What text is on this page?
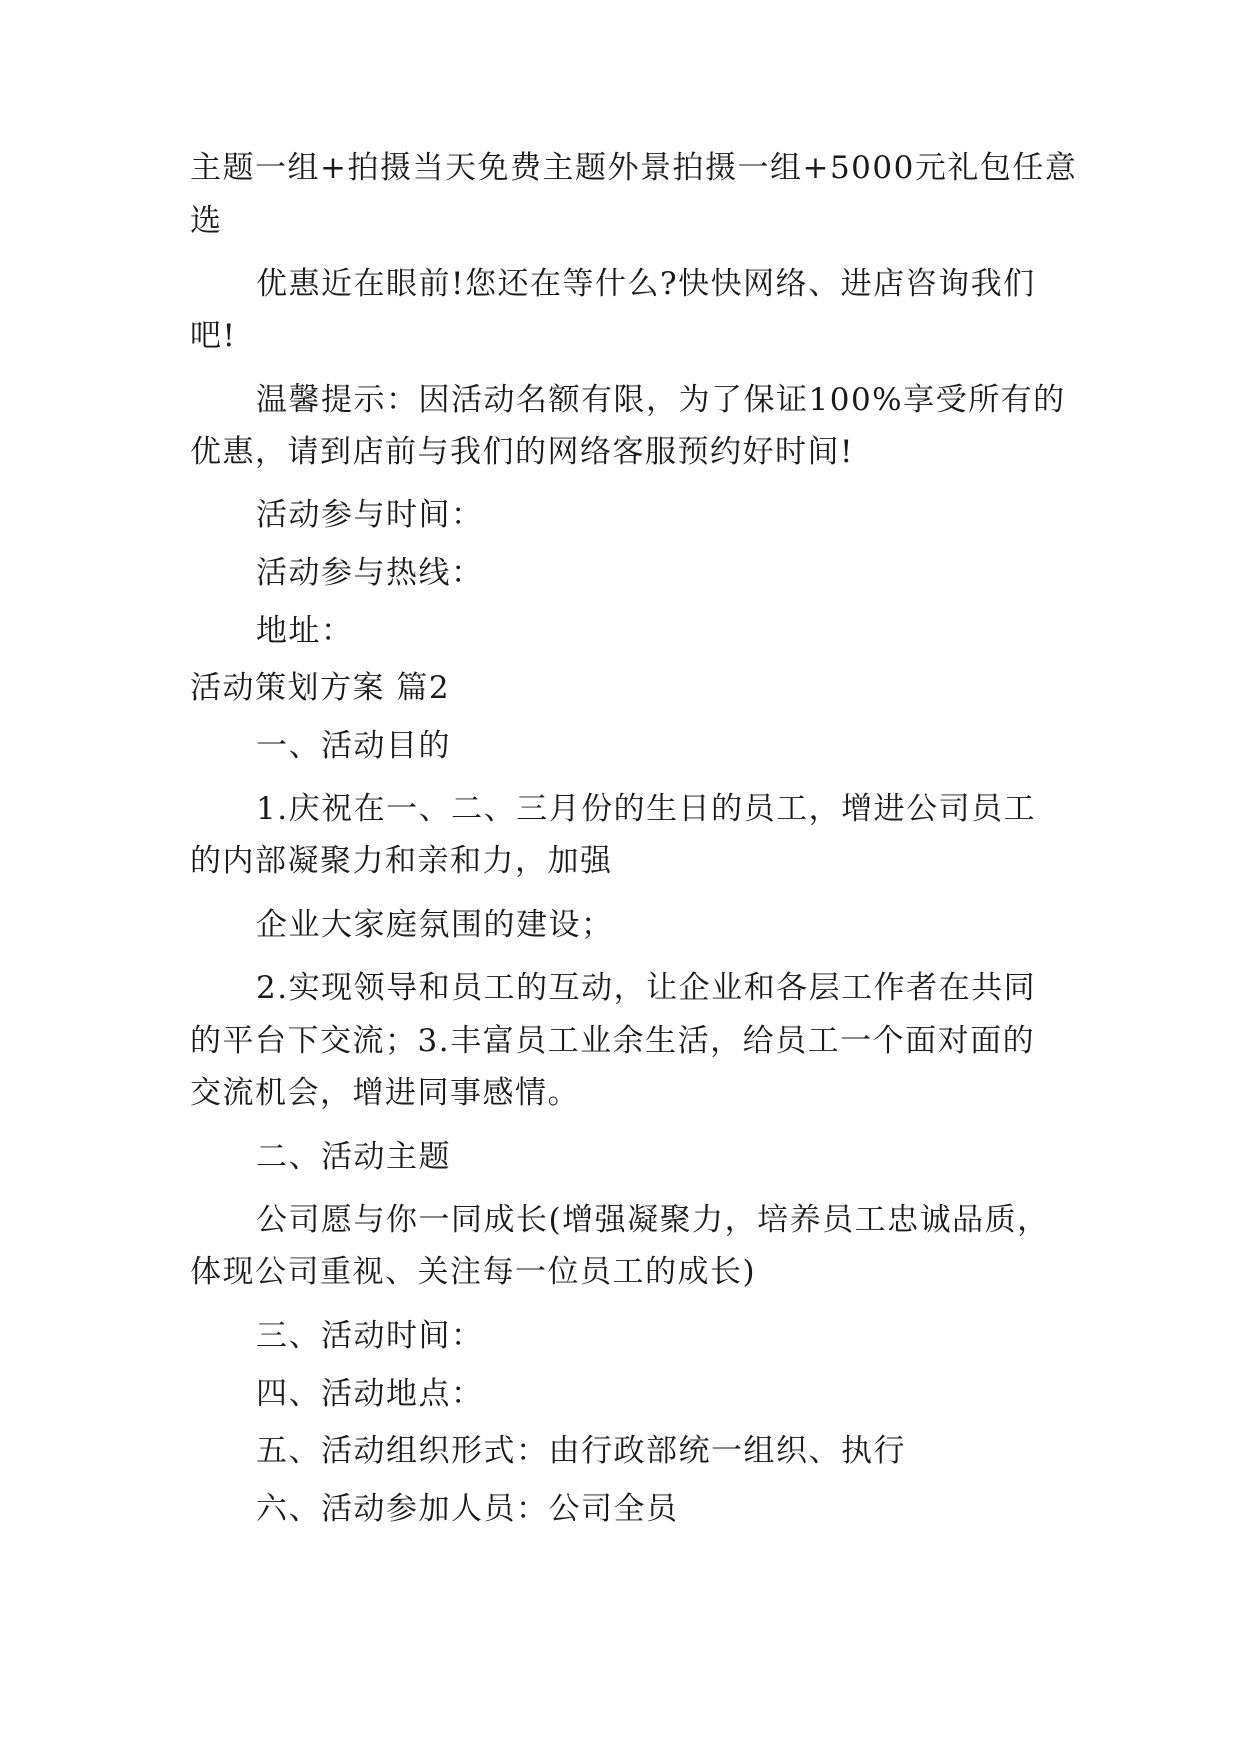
主题一组+拍摄当天免费主题外景拍摄一组+5000元礼包任意
选
优惠近在眼前!您还在等什么?快快网络、进店咨询我们
吧!
温馨提示：因活动名额有限，为了保证100%享受所有的
优惠，请到店前与我们的网络客服预约好时间!
活动参与时间：
活动参与热线：
地址：
活动策划方案 篇2
一、活动目的
1.庆祝在一、二、三月份的生日的员工，增进公司员工
的内部凝聚力和亲和力，加强
企业大家庭氛围的建设；
2.实现领导和员工的互动，让企业和各层工作者在共同
的平台下交流；3.丰富员工业余生活，给员工一个面对面的
交流机会，增进同事感情。
二、活动主题
公司愿与你一同成长(增强凝聚力，培养员工忠诚品质，
体现公司重视、关注每一位员工的成长)
三、活动时间：
四、活动地点：
五、活动组织形式：由行政部统一组织、执行
六、活动参加人员：公司全员
